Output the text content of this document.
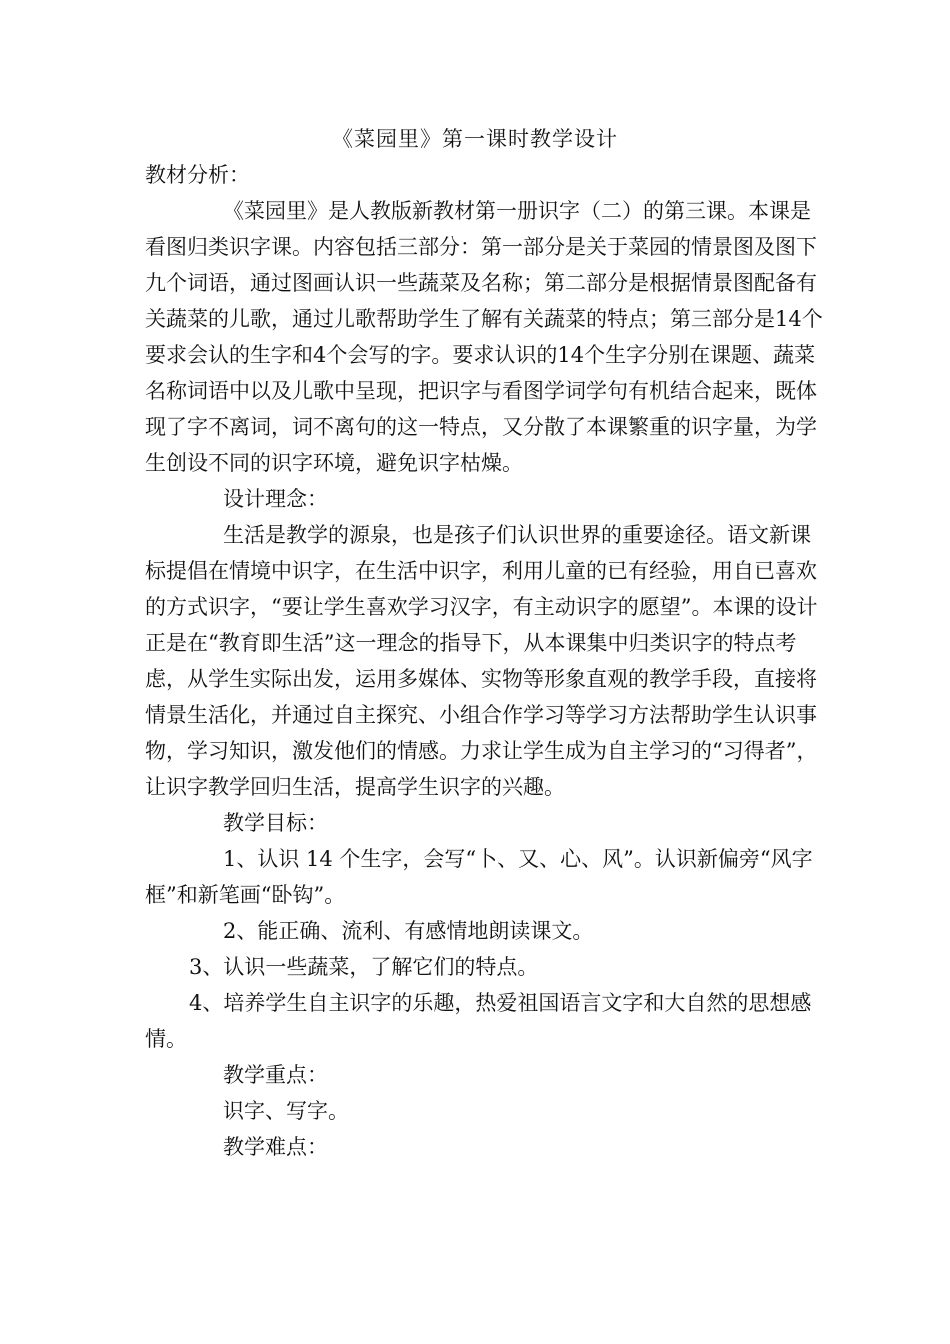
《菜园里》第一课时教学设计

教材分析：

《菜园里》是人教版新教材第一册识字（二）的第三课。本课是看图归类识字课。内容包括三部分：第一部分是关于菜园的情景图及图下九个词语，通过图画认识一些蔬菜及名称；第二部分是根据情景图配备有关蔬菜的儿歌，通过儿歌帮助学生了解有关蔬菜的特点；第三部分是14个要求会认的生字和4个会写的字。要求认识的14个生字分别在课题、蔬菜名称词语中以及儿歌中呈现，把识字与看图学词学句有机结合起来，既体现了字不离词，词不离句的这一特点，又分散了本课繁重的识字量，为学生创设不同的识字环境，避免识字枯燥。

设计理念：

生活是教学的源泉，也是孩子们认识世界的重要途径。语文新课标提倡在情境中识字，在生活中识字，利用儿童的已有经验，用自已喜欢的方式识字，“要让学生喜欢学习汉字，有主动识字的愿望”。本课的设计正是在“教育即生活”这一理念的指导下，从本课集中归类识字的特点考虑，从学生实际出发，运用多媒体、实物等形象直观的教学手段，直接将情景生活化，并通过自主探究、小组合作学习等学习方法帮助学生认识事物，学习知识，激发他们的情感。力求让学生成为自主学习的“习得者”，让识字教学回归生活，提高学生识字的兴趣。

教学目标：

1、认识 14 个生字，会写“卜、又、心、风”。认识新偏旁“风字框”和新笔画“卧钩”。

2、能正确、流利、有感情地朗读课文。

3、认识一些蔬菜，了解它们的特点。

4、培养学生自主识字的乐趣，热爱祖国语言文字和大自然的思想感情。

教学重点：

识字、写字。

教学难点：
